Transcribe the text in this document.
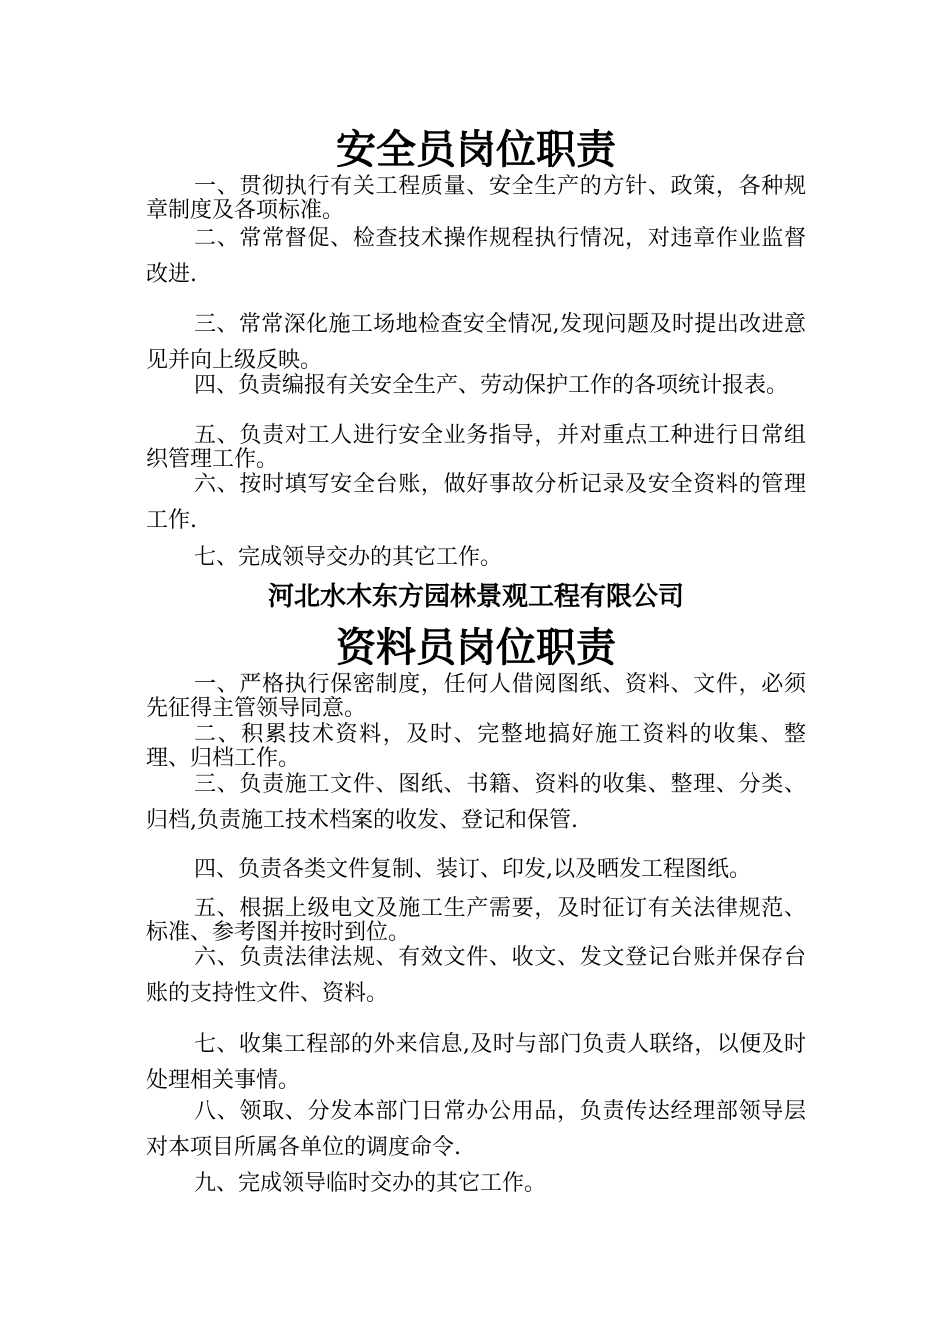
安全员岗位职责
一、贯彻执行有关工程质量、安全生产的方针、政策，各种规章制度及各项标准。
二、常常督促、检查技术操作规程执行情况，对违章作业监督改进.
三、常常深化施工场地检查安全情况,发现问题及时提出改进意见并向上级反映。
四、负责编报有关安全生产、劳动保护工作的各项统计报表。
五、负责对工人进行安全业务指导，并对重点工种进行日常组织管理工作。
六、按时填写安全台账，做好事故分析记录及安全资料的管理工作.
七、完成领导交办的其它工作。
河北水木东方园林景观工程有限公司
资料员岗位职责
一、严格执行保密制度，任何人借阅图纸、资料、文件，必须先征得主管领导同意。
二、积累技术资料，及时、完整地搞好施工资料的收集、整理、归档工作。
三、负责施工文件、图纸、书籍、资料的收集、整理、分类、归档,负责施工技术档案的收发、登记和保管.
四、负责各类文件复制、装订、印发,以及晒发工程图纸。
五、根据上级电文及施工生产需要，及时征订有关法律规范、标准、参考图并按时到位。
六、负责法律法规、有效文件、收文、发文登记台账并保存台账的支持性文件、资料。
七、收集工程部的外来信息,及时与部门负责人联络，以便及时处理相关事情。
八、领取、分发本部门日常办公用品，负责传达经理部领导层对本项目所属各单位的调度命令.
九、完成领导临时交办的其它工作。
